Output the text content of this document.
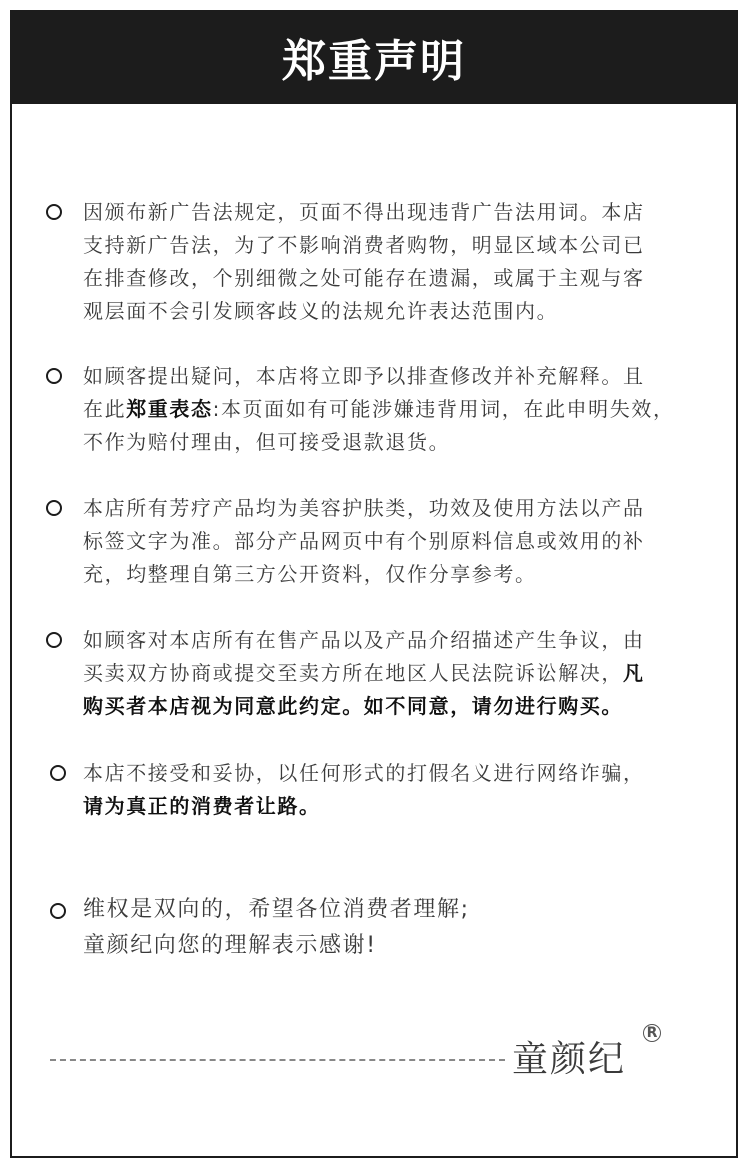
郑重声明
因颁布新广告法规定，页面不得出现违背广告法用词。本店
支持新广告法，为了不影响消费者购物，明显区域本公司已
在排查修改，个别细微之处可能存在遗漏，或属于主观与客
观层面不会引发顾客歧义的法规允许表达范围内。
如顾客提出疑问，本店将立即予以排查修改并补充解释。且
在此郑重表态:本页面如有可能涉嫌违背用词，在此申明失效，
不作为赔付理由，但可接受退款退货。
本店所有芳疗产品均为美容护肤类，功效及使用方法以产品
标签文字为准。部分产品网页中有个别原料信息或效用的补
充，均整理自第三方公开资料，仅作分享参考。
如顾客对本店所有在售产品以及产品介绍描述产生争议，由
买卖双方协商或提交至卖方所在地区人民法院诉讼解决，凡
购买者本店视为同意此约定。如不同意，请勿进行购买。
本店不接受和妥协，以任何形式的打假名义进行网络诈骗，
请为真正的消费者让路。
维权是双向的，希望各位消费者理解;
童颜纪向您的理解表示感谢!
童颜纪
R
